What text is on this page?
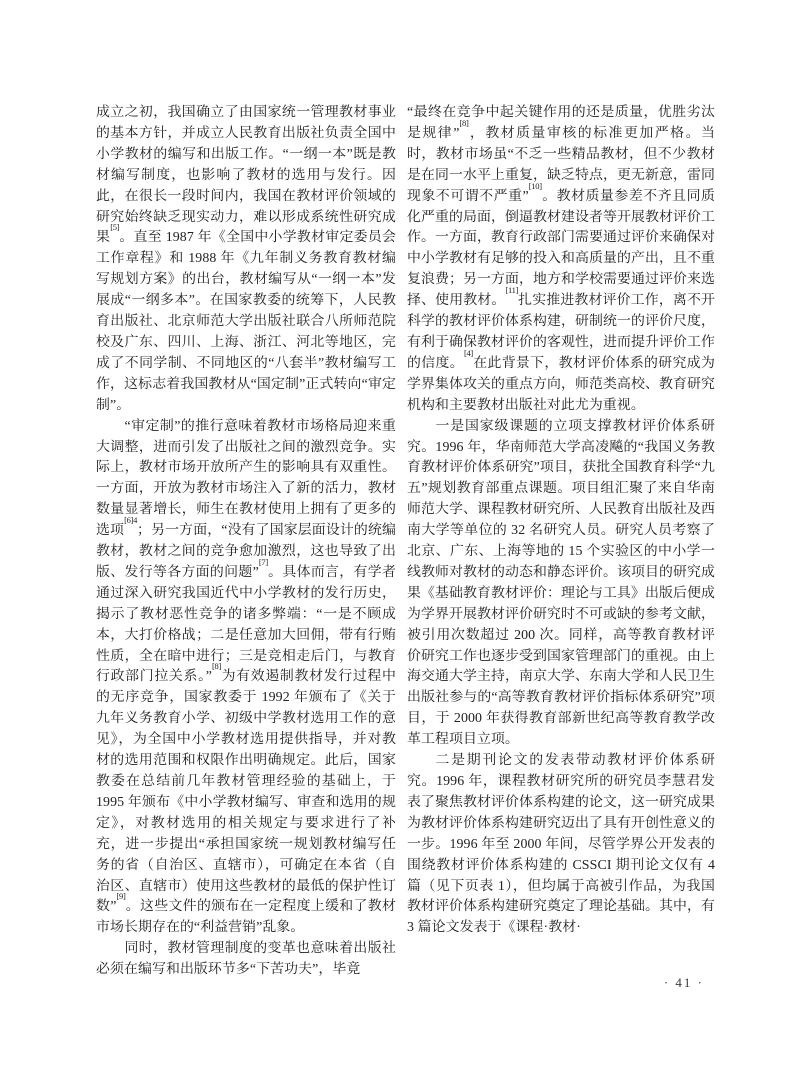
成立之初，我国确立了由国家统一管理教材事业的基本方针，并成立人民教育出版社负责全国中小学教材的编写和出版工作。“一纲一本”既是教材编写制度，也影响了教材的选用与发行。因此，在很长一段时间内，我国在教材评价领域的研究始终缺乏现实动力，难以形成系统性研究成果[5]。直至 1987 年《全国中小学教材审定委员会工作章程》和 1988 年《九年制义务教育教材编写规划方案》的出台，教材编写从“一纲一本”发展成“一纲多本”。在国家教委的统筹下，人民教育出版社、北京师范大学出版社联合八所师范院校及广东、四川、上海、浙江、河北等地区，完成了不同学制、不同地区的“八套半”教材编写工作，这标志着我国教材从“国定制”正式转向“审定制”。

“审定制”的推行意味着教材市场格局迎来重大调整，进而引发了出版社之间的激烈竞争。实际上，教材市场开放所产生的影响具有双重性。一方面，开放为教材市场注入了新的活力，教材数量显著增长，师生在教材使用上拥有了更多的选项$^{[6]4}$；另一方面，“没有了国家层面设计的统编教材，教材之间的竞争愈加激烈，这也导致了出版、发行等各方面的问题”[7]。具体而言，有学者通过深入研究我国近代中小学教材的发行历史，揭示了教材恶性竞争的诸多弊端：“一是不顾成本，大打价格战；二是任意加大回佣，带有行贿性质，全在暗中进行；三是竞相走后门，与教育行政部门拉关系。”[8]为有效遏制教材发行过程中的无序竞争，国家教委于 1992 年颁布了《关于九年义务教育小学、初级中学教材选用工作的意见》，为全国中小学教材选用提供指导，并对教材的选用范围和权限作出明确规定。此后，国家教委在总结前几年教材管理经验的基础上，于 1995 年颁布《中小学教材编写、审查和选用的规定》，对教材选用的相关规定与要求进行了补充，进一步提出“承担国家统一规划教材编写任务的省（自治区、直辖市），可确定在本省（自治区、直辖市）使用这些教材的最低的保护性订数”[9]。这些文件的颁布在一定程度上缓和了教材市场长期存在的“利益营销”乱象。

同时，教材管理制度的变革也意味着出版社必须在编写和出版环节多“下苦功夫”，毕竟

“最终在竞争中起关键作用的还是质量，优胜劣汰是规律”[8]，教材质量审核的标准更加严格。当时，教材市场虽“不乏一些精品教材，但不少教材是在同一水平上重复，缺乏特点，更无新意，雷同现象不可谓不严重”[10]。教材质量参差不齐且同质化严重的局面，倒逼教材建设者等开展教材评价工作。一方面，教育行政部门需要通过评价来确保对中小学教材有足够的投入和高质量的产出，且不重复浪费；另一方面，地方和学校需要通过评价来选择、使用教材。[11]扎实推进教材评价工作，离不开科学的教材评价体系构建，研制统一的评价尺度，有利于确保教材评价的客观性，进而提升评价工作的信度。[4]在此背景下，教材评价体系的研究成为学界集体攻关的重点方向，师范类高校、教育研究机构和主要教材出版社对此尤为重视。

一是国家级课题的立项支撑教材评价体系研究。1996 年，华南师范大学高凌飚的“我国义务教育教材评价体系研究”项目，获批全国教育科学“九五”规划教育部重点课题。项目组汇聚了来自华南师范大学、课程教材研究所、人民教育出版社及西南大学等单位的 32 名研究人员。研究人员考察了北京、广东、上海等地的 15 个实验区的中小学一线教师对教材的动态和静态评价。该项目的研究成果《基础教育教材评价：理论与工具》出版后便成为学界开展教材评价研究时不可或缺的参考文献，被引用次数超过 200 次。同样，高等教育教材评价研究工作也逐步受到国家管理部门的重视。由上海交通大学主持，南京大学、东南大学和人民卫生出版社参与的“高等教育教材评价指标体系研究”项目，于 2000 年获得教育部新世纪高等教育教学改革工程项目立项。

二是期刊论文的发表带动教材评价体系研究。1996 年，课程教材研究所的研究员李慧君发表了聚焦教材评价体系构建的论文，这一研究成果为教材评价体系构建研究迈出了具有开创性意义的一步。1996 年至 2000 年间，尽管学界公开发表的围绕教材评价体系构建的 CSSCI 期刊论文仅有 4 篇（见下页表 1），但均属于高被引作品，为我国教材评价体系构建研究奠定了理论基础。其中，有 3 篇论文发表于《课程·教材·

· 41 ·
